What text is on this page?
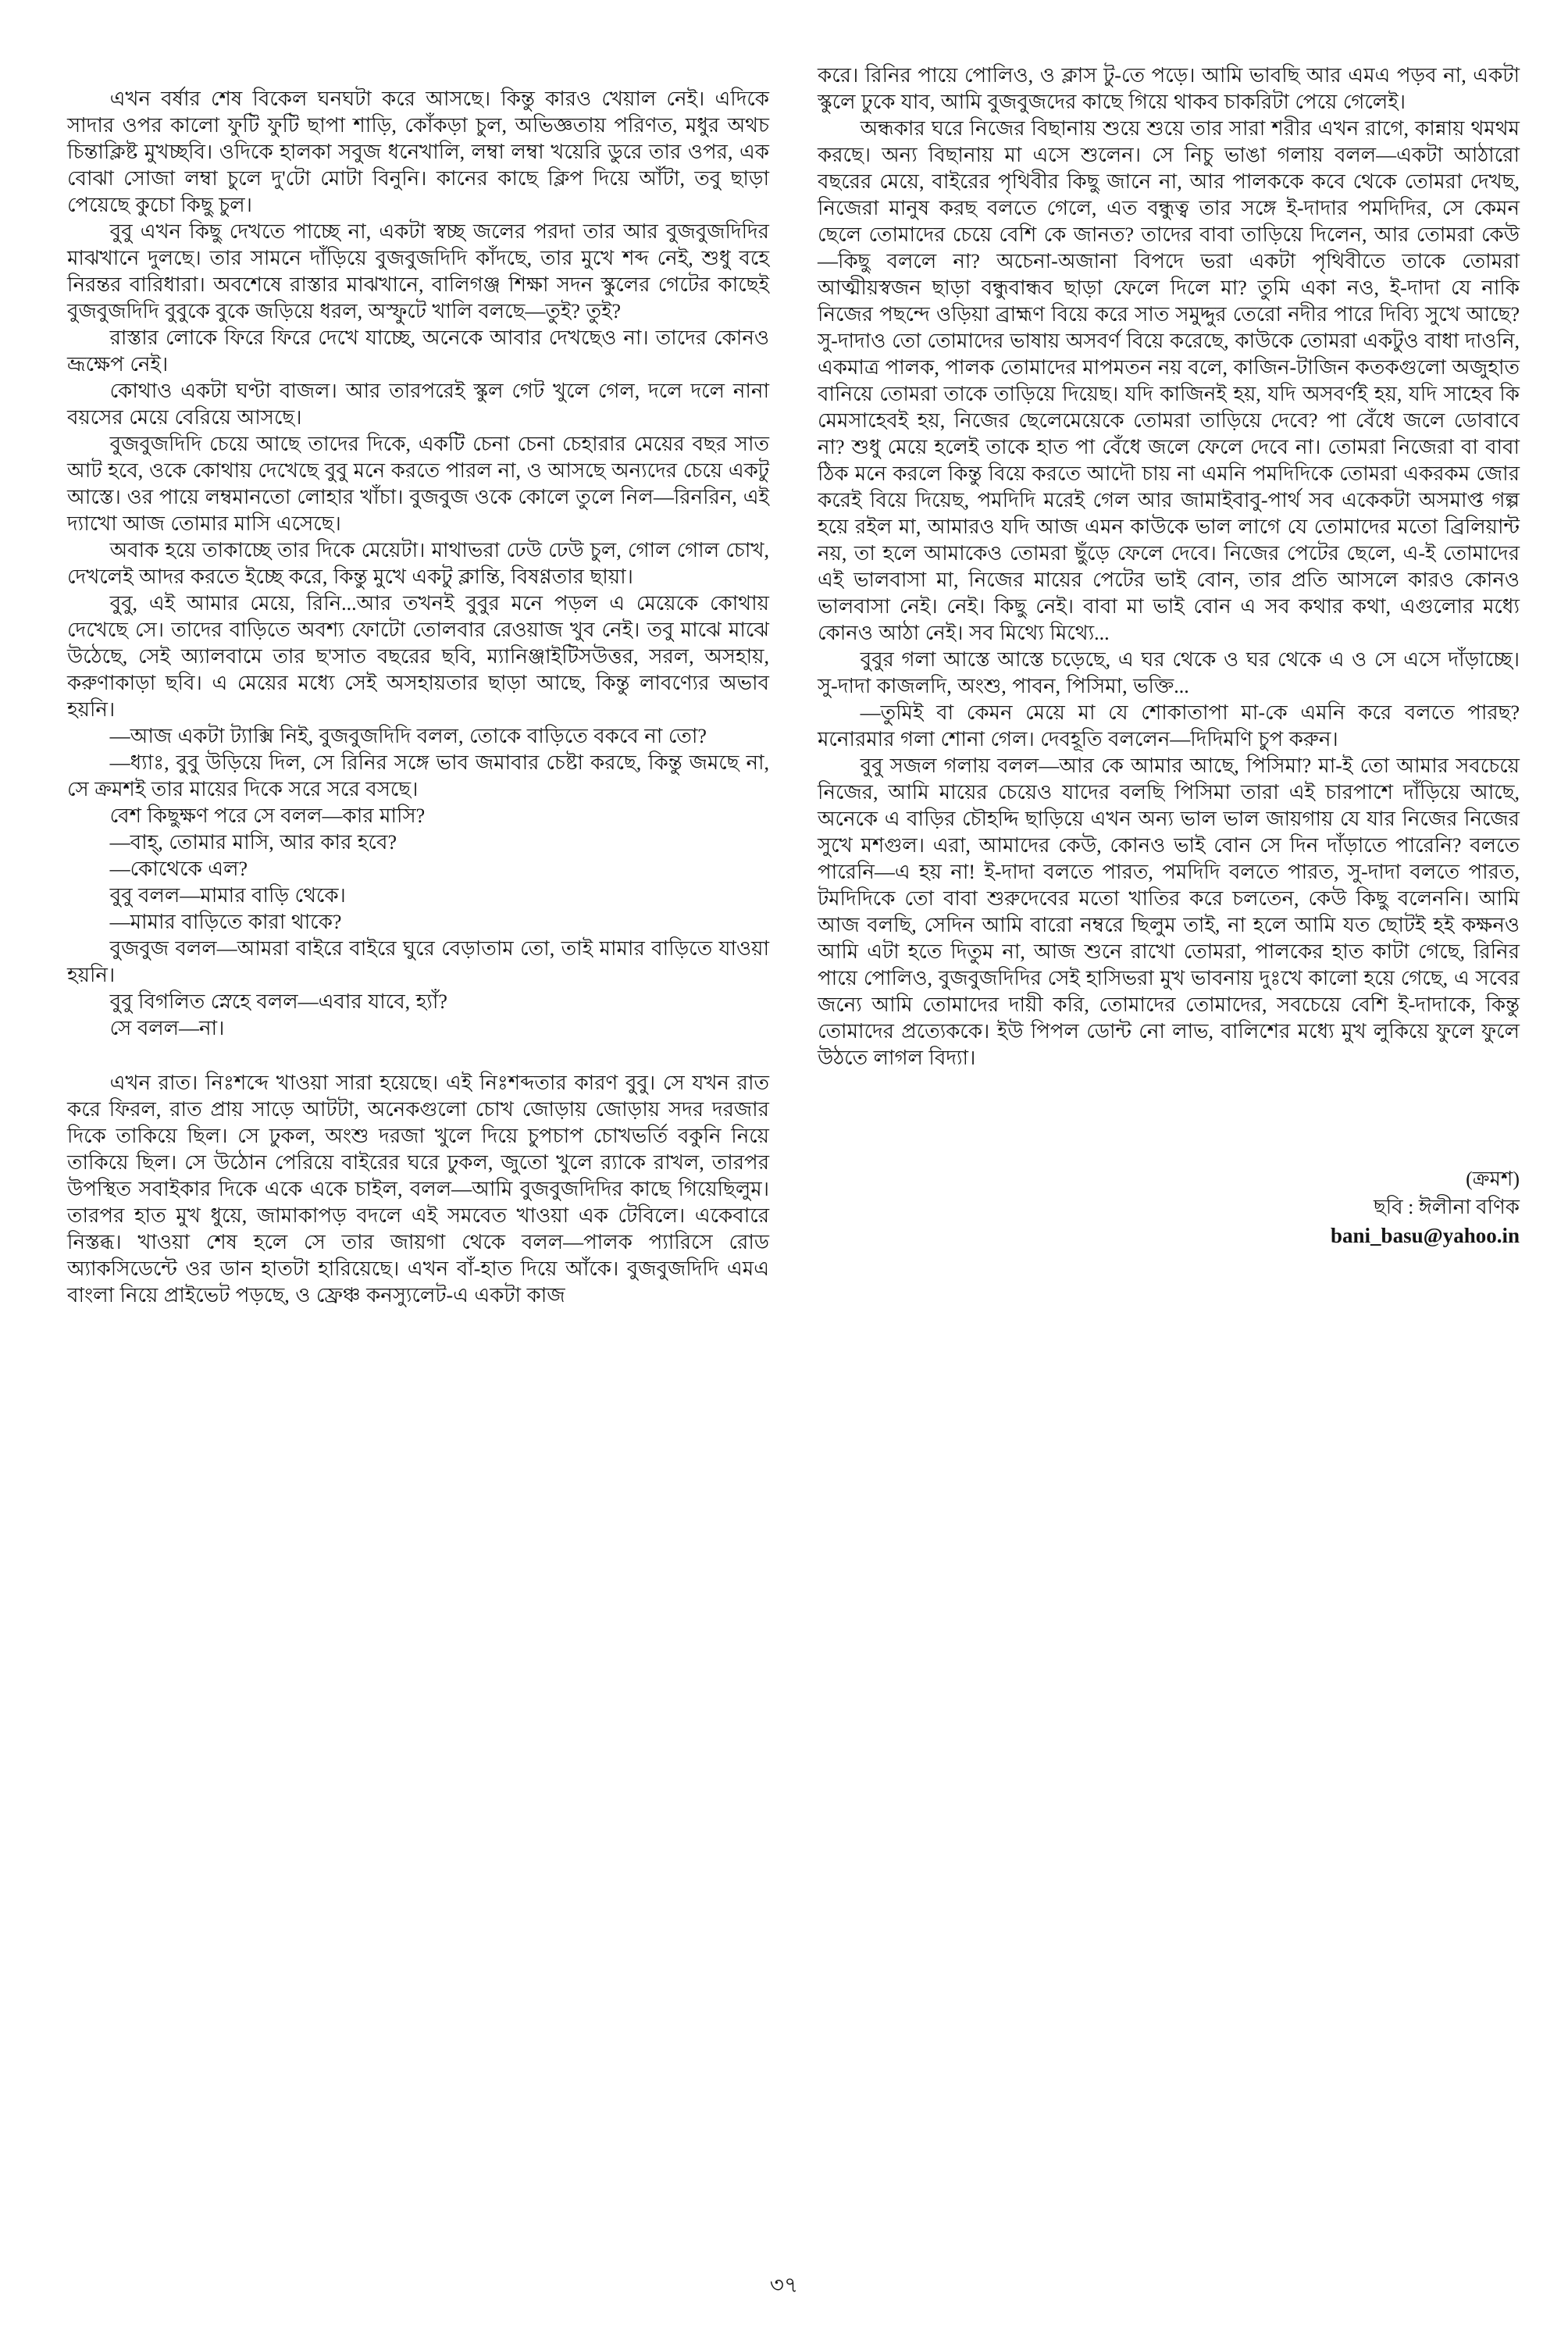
এখন বর্ষার শেষ বিকেল ঘনঘটা করে আসছে। কিন্তু কারও খেয়াল নেই। এদিকে সাদার ওপর কালো ফুটি ফুটি ছাপা শাড়ি, কোঁকড়া চুল, অভিজ্ঞতায় পরিণত, মধুর অথচ চিন্তাক্লিষ্ট মুখচ্ছবি। ওদিকে হালকা সবুজ ধনেখালি, লম্বা লম্বা খয়েরি ডুরে তার ওপর, এক বোঝা সোজা লম্বা চুলে দু'টো মোটা বিনুনি। কানের কাছে ক্লিপ দিয়ে আঁটা, তবু ছাড়া পেয়েছে কুচো কিছু চুল।

বুবু এখন কিছু দেখতে পাচ্ছে না, একটা স্বচ্ছ জলের পরদা তার আর বুজবুজদিদির মাঝখানে দুলছে। তার সামনে দাঁড়িয়ে বুজবুজদিদি কাঁদছে, তার মুখে শব্দ নেই, শুধু বহে নিরন্তর বারিধারা। অবশেষে রাস্তার মাঝখানে, বালিগঞ্জ শিক্ষা সদন স্কুলের গেটের কাছেই বুজবুজদিদি বুবুকে বুকে জড়িয়ে ধরল, অস্ফুটে খালি বলছে—তুই? তুই?

রাস্তার লোকে ফিরে ফিরে দেখে যাচ্ছে, অনেকে আবার দেখছেও না। তাদের কোনও ভ্রূক্ষেপ নেই।

কোথাও একটা ঘণ্টা বাজল। আর তারপরেই স্কুল গেট খুলে গেল, দলে দলে নানা বয়সের মেয়ে বেরিয়ে আসছে।

বুজবুজদিদি চেয়ে আছে তাদের দিকে, একটি চেনা চেনা চেহারার মেয়ের বছর সাত আট হবে, ওকে কোথায় দেখেছে বুবু মনে করতে পারল না, ও আসছে অন্যদের চেয়ে একটু আস্তে। ওর পায়ে লম্বমানতো লোহার খাঁচা। বুজবুজ ওকে কোলে তুলে নিল—রিনরিন, এই দ্যাখো আজ তোমার মাসি এসেছে।

অবাক হয়ে তাকাচ্ছে তার দিকে মেয়েটা। মাথাভরা ঢেউ ঢেউ চুল, গোল গোল চোখ, দেখলেই আদর করতে ইচ্ছে করে, কিন্তু মুখে একটু ক্লান্তি, বিষণ্ণতার ছায়া।

বুবু, এই আমার মেয়ে, রিনি...আর তখনই বুবুর মনে পড়ল এ মেয়েকে কোথায় দেখেছে সে। তাদের বাড়িতে অবশ্য ফোটো তোলবার রেওয়াজ খুব নেই। তবু মাঝে মাঝে উঠেছে, সেই অ্যালবামে তার ছ'সাত বছরের ছবি, ম্যানিঞ্জাইটিসউত্তর, সরল, অসহায়, করুণাকাড়া ছবি। এ মেয়ের মধ্যে সেই অসহায়তার ছাড়া আছে, কিন্তু লাবণ্যের অভাব হয়নি।

—আজ একটা ট্যাক্সি নিই, বুজবুজদিদি বলল, তোকে বাড়িতে বকবে না তো?

—ধ্যাঃ, বুবু উড়িয়ে দিল, সে রিনির সঙ্গে ভাব জমাবার চেষ্টা করছে, কিন্তু জমছে না, সে ক্রমশই তার মায়ের দিকে সরে সরে বসছে।

বেশ কিছুক্ষণ পরে সে বলল—কার মাসি?

—বাহ্‌, তোমার মাসি, আর কার হবে?

—কোথেকে এল?

বুবু বলল—মামার বাড়ি থেকে।

—মামার বাড়িতে কারা থাকে?

বুজবুজ বলল—আমরা বাইরে বাইরে ঘুরে বেড়াতাম তো, তাই মামার বাড়িতে যাওয়া হয়নি।

বুবু বিগলিত স্নেহে বলল—এবার যাবে, হ্যাঁ?

সে বলল—না।

এখন রাত। নিঃশব্দে খাওয়া সারা হয়েছে। এই নিঃশব্দতার কারণ বুবু। সে যখন রাত করে ফিরল, রাত প্রায় সাড়ে আটটা, অনেকগুলো চোখ জোড়ায় জোড়ায় সদর দরজার দিকে তাকিয়ে ছিল। সে ঢুকল, অংশু দরজা খুলে দিয়ে চুপচাপ চোখভর্তি বকুনি নিয়ে তাকিয়ে ছিল। সে উঠোন পেরিয়ে বাইরের ঘরে ঢুকল, জুতো খুলে র‍্যাকে রাখল, তারপর উপস্থিত সবাইকার দিকে একে একে চাইল, বলল—আমি বুজবুজদিদির কাছে গিয়েছিলুম। তারপর হাত মুখ ধুয়ে, জামাকাপড় বদলে এই সমবেত খাওয়া এক টেবিলে। একেবারে নিস্তব্ধ। খাওয়া শেষ হলে সে তার জায়গা থেকে বলল—পালক প্যারিসে রোড অ্যাকসিডেন্টে ওর ডান হাতটা হারিয়েছে। এখন বাঁ-হাত দিয়ে আঁকে। বুজবুজদিদি এমএ বাংলা নিয়ে প্রাইভেট পড়ছে, ও ফ্রেঞ্চ কনস্যুলেট-এ একটা কাজ

করে। রিনির পায়ে পোলিও, ও ক্লাস টু-তে পড়ে। আমি ভাবছি আর এমএ পড়ব না, একটা স্কুলে ঢুকে যাব, আমি বুজবুজদের কাছে গিয়ে থাকব চাকরিটা পেয়ে গেলেই।

অন্ধকার ঘরে নিজের বিছানায় শুয়ে শুয়ে তার সারা শরীর এখন রাগে, কান্নায় থমথম করছে। অন্য বিছানায় মা এসে শুলেন। সে নিচু ভাঙা গলায় বলল—একটা আঠারো বছরের মেয়ে, বাইরের পৃথিবীর কিছু জানে না, আর পালককে কবে থেকে তোমরা দেখছ, নিজেরা মানুষ করছ বলতে গেলে, এত বন্ধুত্ব তার সঙ্গে ই-দাদার পমদিদির, সে কেমন ছেলে তোমাদের চেয়ে বেশি কে জানত? তাদের বাবা তাড়িয়ে দিলেন, আর তোমরা কেউ—কিছু বললে না? অচেনা-অজানা বিপদে ভরা একটা পৃথিবীতে তাকে তোমরা আত্মীয়স্বজন ছাড়া বন্ধুবান্ধব ছাড়া ফেলে দিলে মা? তুমি একা নও, ই-দাদা যে নাকি নিজের পছন্দে ওড়িয়া ব্রাহ্মণ বিয়ে করে সাত সমুদ্দুর তেরো নদীর পারে দিব্যি সুখে আছে? সু-দাদাও তো তোমাদের ভাষায় অসবর্ণ বিয়ে করেছে, কাউকে তোমরা একটুও বাধা দাওনি, একমাত্র পালক, পালক তোমাদের মাপমতন নয় বলে, কাজিন-টাজিন কতকগুলো অজুহাত বানিয়ে তোমরা তাকে তাড়িয়ে দিয়েছ। যদি কাজিনই হয়, যদি অসবর্ণই হয়, যদি সাহেব কি মেমসাহেবই হয়, নিজের ছেলেমেয়েকে তোমরা তাড়িয়ে দেবে? পা বেঁধে জলে ডোবাবে না? শুধু মেয়ে হলেই তাকে হাত পা বেঁধে জলে ফেলে দেবে না। তোমরা নিজেরা বা বাবা ঠিক মনে করলে কিন্তু বিয়ে করতে আদৌ চায় না এমনি পমদিদিকে তোমরা একরকম জোর করেই বিয়ে দিয়েছ, পমদিদি মরেই গেল আর জামাইবাবু-পার্থ সব একেকটা অসমাপ্ত গল্প হয়ে রইল মা, আমারও যদি আজ এমন কাউকে ভাল লাগে যে তোমাদের মতো ব্রিলিয়ান্ট নয়, তা হলে আমাকেও তোমরা ছুঁড়ে ফেলে দেবে। নিজের পেটের ছেলে, এ-ই তোমাদের এই ভালবাসা মা, নিজের মায়ের পেটের ভাই বোন, তার প্রতি আসলে কারও কোনও ভালবাসা নেই। নেই। কিছু নেই। বাবা মা ভাই বোন এ সব কথার কথা, এগুলোর মধ্যে কোনও আঠা নেই। সব মিথ্যে মিথ্যে...

বুবুর গলা আস্তে আস্তে চড়েছে, এ ঘর থেকে ও ঘর থেকে এ ও সে এসে দাঁড়াচ্ছে। সু-দাদা কাজলদি, অংশু, পাবন, পিসিমা, ভক্তি...

—তুমিই বা কেমন মেয়ে মা যে শোকাতাপা মা-কে এমনি করে বলতে পারছ? মনোরমার গলা শোনা গেল। দেবহূতি বললেন—দিদিমণি চুপ করুন।

বুবু সজল গলায় বলল—আর কে আমার আছে, পিসিমা? মা-ই তো আমার সবচেয়ে নিজের, আমি মায়ের চেয়েও যাদের বলছি পিসিমা তারা এই চারপাশে দাঁড়িয়ে আছে, অনেকে এ বাড়ির চৌহদ্দি ছাড়িয়ে এখন অন্য ভাল ভাল জায়গায় যে যার নিজের নিজের সুখে মশগুল। এরা, আমাদের কেউ, কোনও ভাই বোন সে দিন দাঁড়াতে পারেনি? বলতে পারেনি—এ হয় না! ই-দাদা বলতে পারত, পমদিদি বলতে পারত, সু-দাদা বলতে পারত, টমদিদিকে তো বাবা শুরুদেবের মতো খাতির করে চলতেন, কেউ কিছু বলেননি। আমি আজ বলছি, সেদিন আমি বারো নম্বরে ছিলুম তাই, না হলে আমি যত ছোটই হই কক্ষনও আমি এটা হতে দিতুম না, আজ শুনে রাখো তোমরা, পালকের হাত কাটা গেছে, রিনির পায়ে পোলিও, বুজবুজদিদির সেই হাসিভরা মুখ ভাবনায় দুঃখে কালো হয়ে গেছে, এ সবের জন্যে আমি তোমাদের দায়ী করি, তোমাদের তোমাদের, সবচেয়ে বেশি ই-দাদাকে, কিন্তু তোমাদের প্রত্যেককে। ইউ পিপল ডোন্ট নো লাভ, বালিশের মধ্যে মুখ লুকিয়ে ফুলে ফুলে উঠতে লাগল বিদ্যা।

(ক্রমশ)
ছবি : ঈলীনা বণিক
bani_basu@yahoo.in
৩৭
